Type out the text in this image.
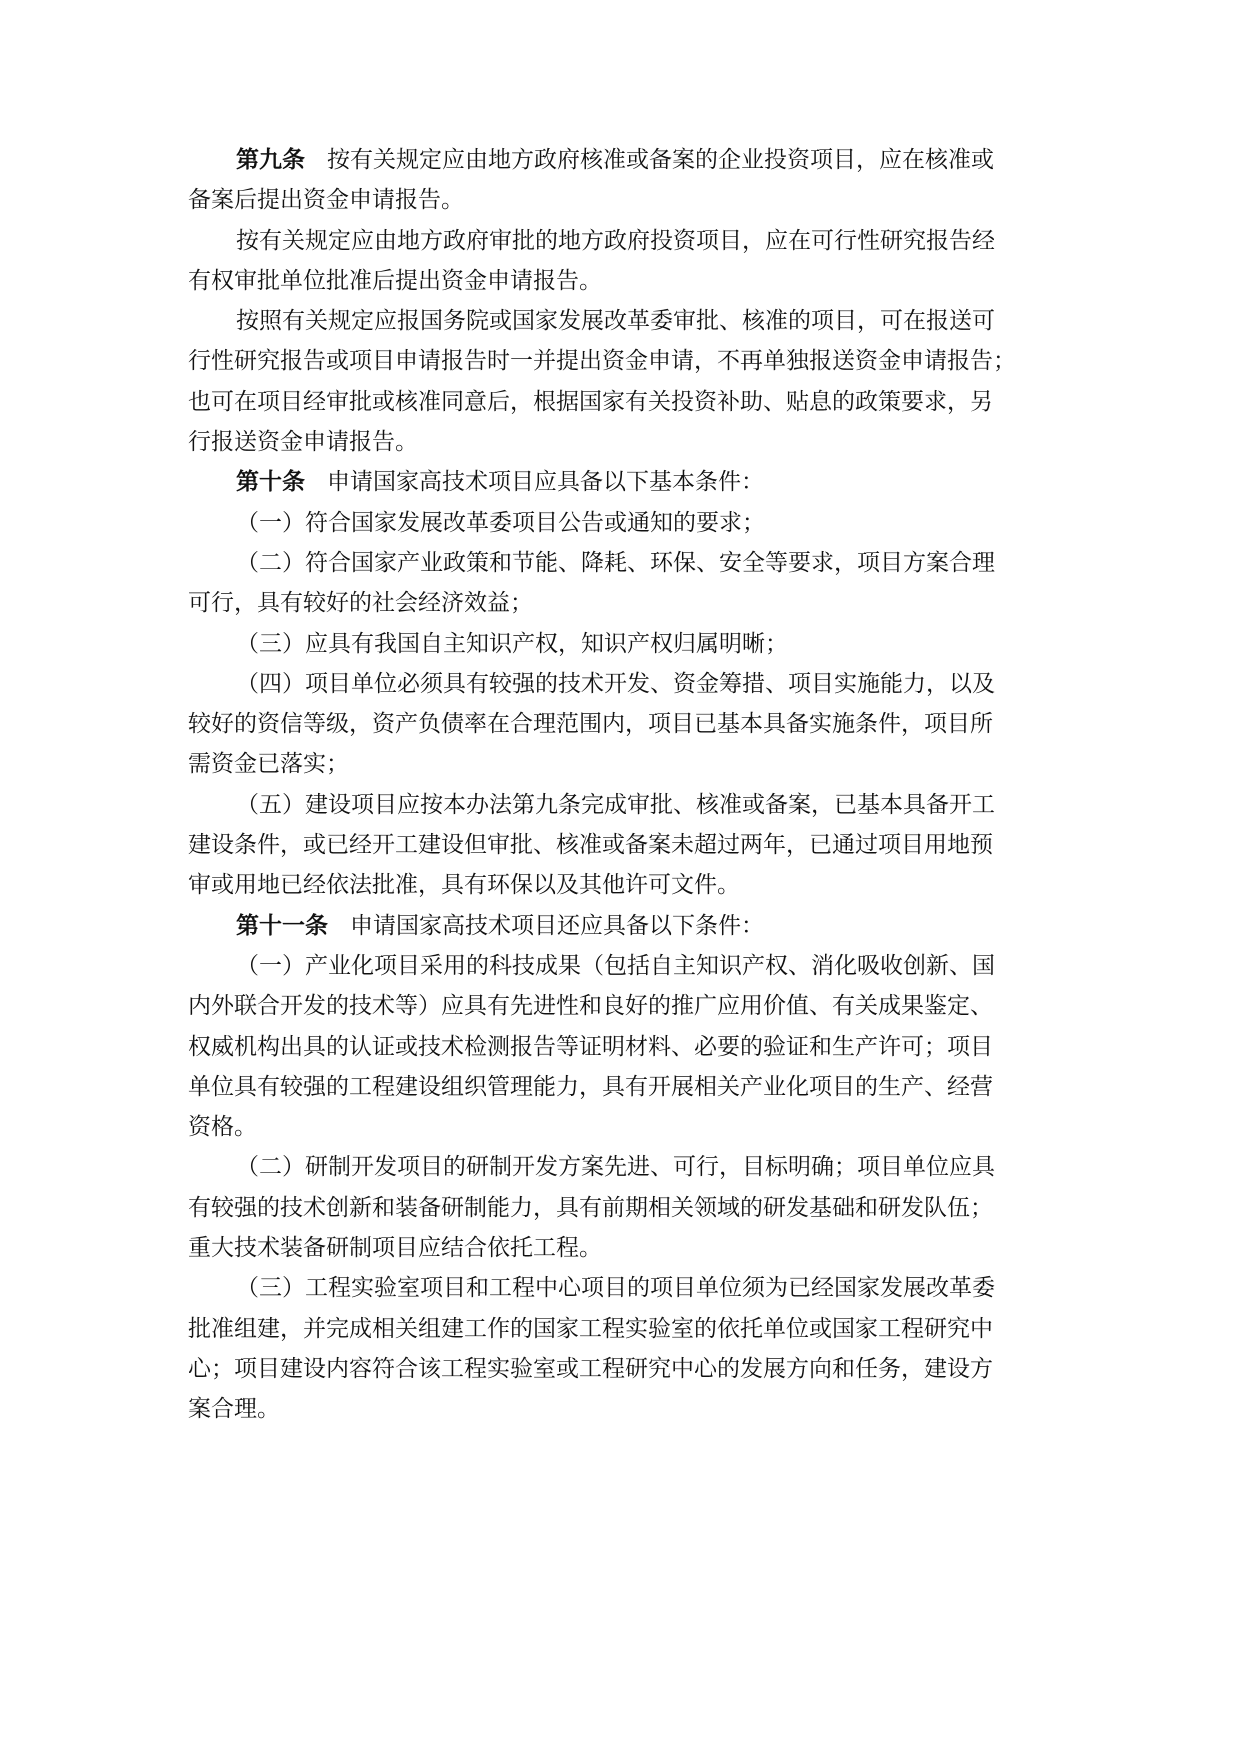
第九条 按有关规定应由地方政府核准或备案的企业投资项目，应在核准或
备案后提出资金申请报告。
按有关规定应由地方政府审批的地方政府投资项目，应在可行性研究报告经
有权审批单位批准后提出资金申请报告。
按照有关规定应报国务院或国家发展改革委审批、核准的项目，可在报送可
行性研究报告或项目申请报告时一并提出资金申请，不再单独报送资金申请报告；
也可在项目经审批或核准同意后，根据国家有关投资补助、贴息的政策要求，另
行报送资金申请报告。
第十条 申请国家高技术项目应具备以下基本条件：
（一）符合国家发展改革委项目公告或通知的要求；
（二）符合国家产业政策和节能、降耗、环保、安全等要求，项目方案合理
可行，具有较好的社会经济效益；
（三）应具有我国自主知识产权，知识产权归属明晰；
（四）项目单位必须具有较强的技术开发、资金筹措、项目实施能力，以及
较好的资信等级，资产负债率在合理范围内，项目已基本具备实施条件，项目所
需资金已落实；
（五）建设项目应按本办法第九条完成审批、核准或备案，已基本具备开工
建设条件，或已经开工建设但审批、核准或备案未超过两年，已通过项目用地预
审或用地已经依法批准，具有环保以及其他许可文件。
第十一条 申请国家高技术项目还应具备以下条件：
（一）产业化项目采用的科技成果（包括自主知识产权、消化吸收创新、国
内外联合开发的技术等）应具有先进性和良好的推广应用价值、有关成果鉴定、
权威机构出具的认证或技术检测报告等证明材料、必要的验证和生产许可；项目
单位具有较强的工程建设组织管理能力，具有开展相关产业化项目的生产、经营
资格。
（二）研制开发项目的研制开发方案先进、可行，目标明确；项目单位应具
有较强的技术创新和装备研制能力，具有前期相关领域的研发基础和研发队伍；
重大技术装备研制项目应结合依托工程。
（三）工程实验室项目和工程中心项目的项目单位须为已经国家发展改革委
批准组建，并完成相关组建工作的国家工程实验室的依托单位或国家工程研究中
心；项目建设内容符合该工程实验室或工程研究中心的发展方向和任务，建设方
案合理。
